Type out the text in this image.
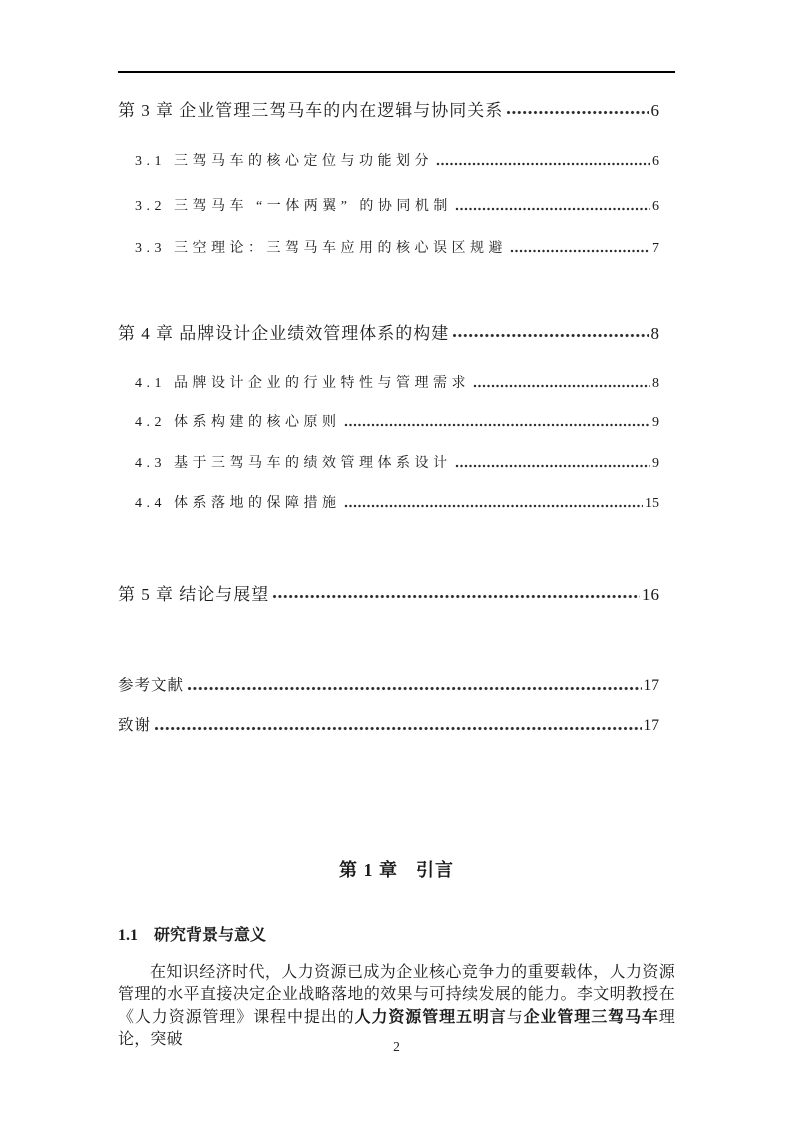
第 3 章 企业管理三驾马车的内在逻辑与协同关系	6
3.1 三驾马车的核心定位与功能划分	6
3.2 三驾马车 “一体两翼” 的协同机制	6
3.3 三空理论：三驾马车应用的核心误区规避	7
第 4 章 品牌设计企业绩效管理体系的构建	8
4.1 品牌设计企业的行业特性与管理需求	8
4.2 体系构建的核心原则	9
4.3 基于三驾马车的绩效管理体系设计	9
4.4 体系落地的保障措施	15
第 5 章 结论与展望	16
参考文献	17
致谢	17
第 1 章 引言
1.1 研究背景与意义
在知识经济时代，人力资源已成为企业核心竞争力的重要载体，人力资源管理的水平直接决定企业战略落地的效果与可持续发展的能力。李文明教授在《人力资源管理》课程中提出的人力资源管理五明言与企业管理三驾马车理论，突破	2
